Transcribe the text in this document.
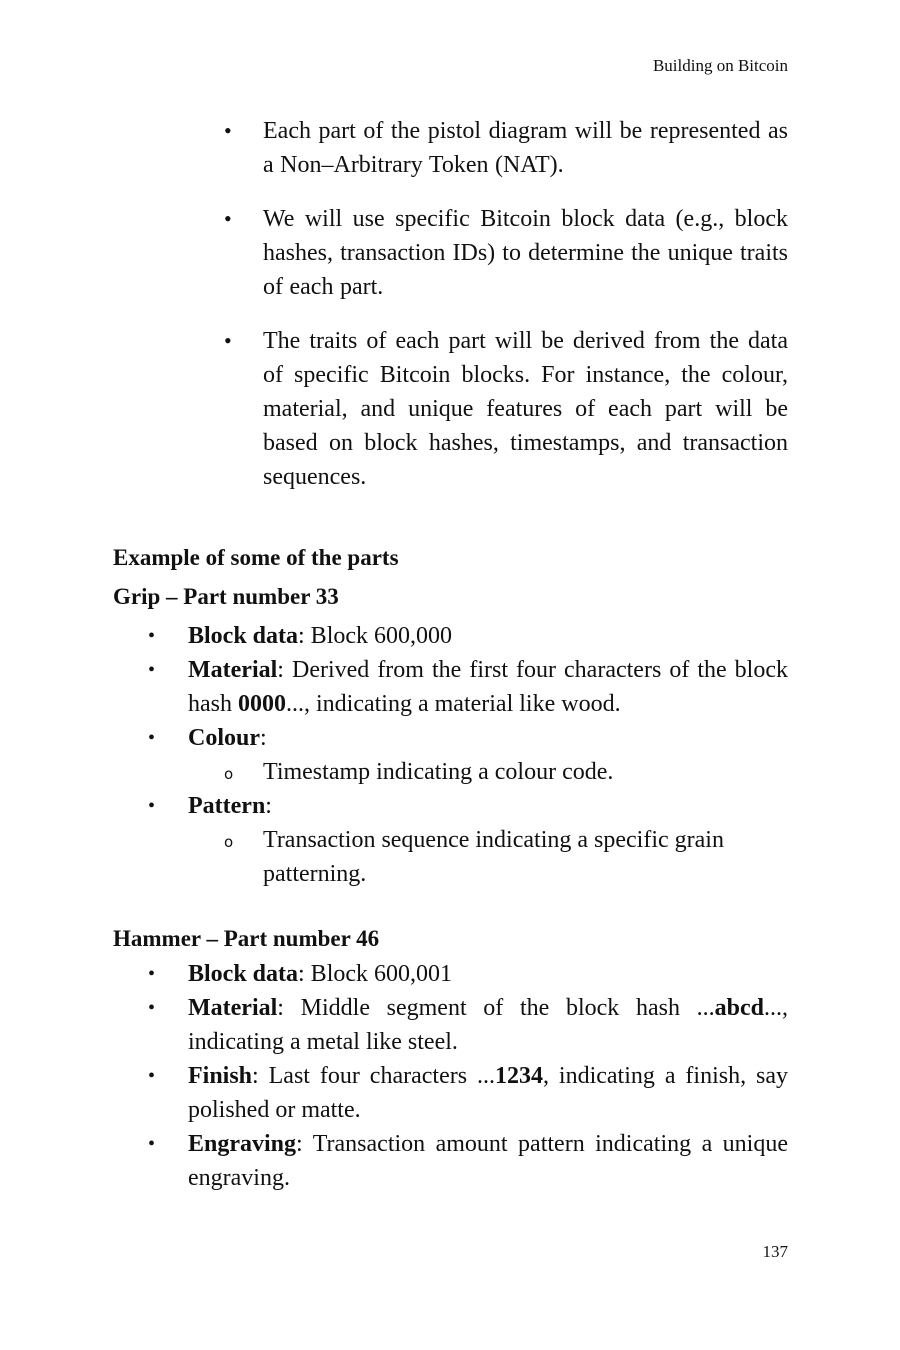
Building on Bitcoin
• Each part of the pistol diagram will be represented as a Non–Arbitrary Token (NAT).
• We will use specific Bitcoin block data (e.g., block hashes, transaction IDs) to determine the unique traits of each part.
• The traits of each part will be derived from the data of specific Bitcoin blocks. For instance, the colour, material, and unique features of each part will be based on block hashes, timestamps, and transaction sequences.
Example of some of the parts
Grip – Part number 33
• Block data: Block 600,000
• Material: Derived from the first four characters of the block hash 0000..., indicating a material like wood.
• Colour:
o Timestamp indicating a colour code.
• Pattern:
o Transaction sequence indicating a specific grain patterning.
Hammer – Part number 46
• Block data: Block 600,001
• Material: Middle segment of the block hash ...abcd..., indicating a metal like steel.
• Finish: Last four characters ...1234, indicating a finish, say polished or matte.
• Engraving: Transaction amount pattern indicating a unique engraving.
137
